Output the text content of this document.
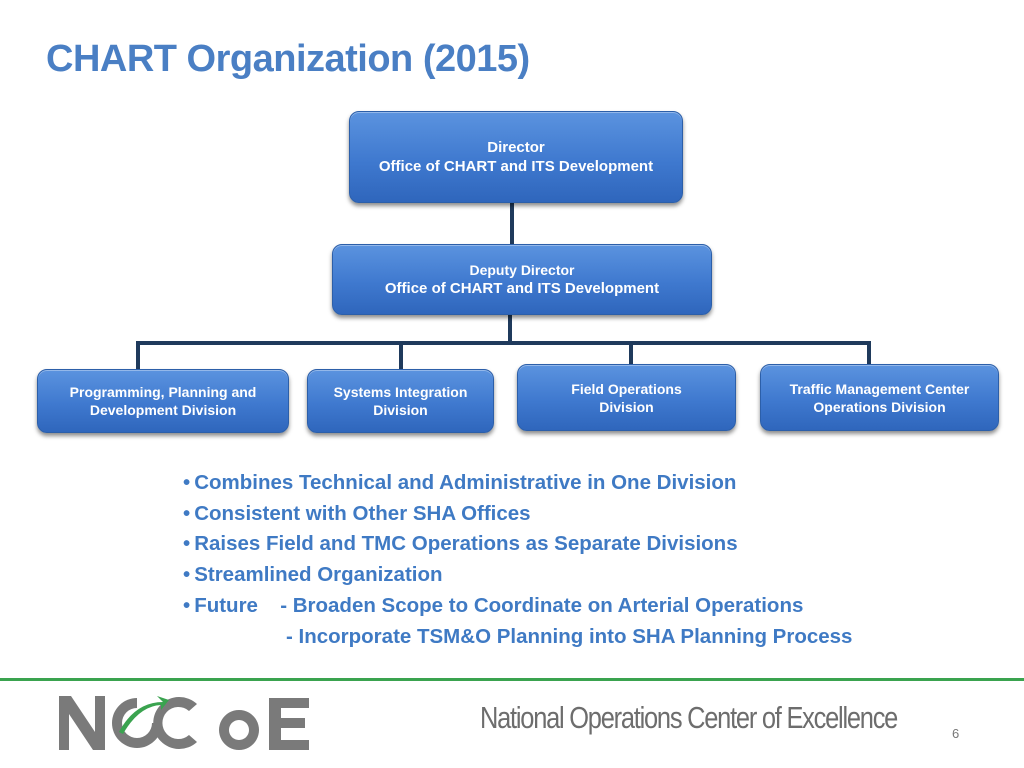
CHART Organization (2015)
Director
Office of CHART and ITS Development
Deputy Director
Office of CHART and ITS Development
Programming, Planning and
Development Division
Systems Integration
Division
Field Operations
Division
Traffic Management Center
Operations Division
• Combines Technical and Administrative in One Division
• Consistent with Other SHA Offices
• Raises Field and TMC Operations as Separate Divisions
• Streamlined Organization
• Future - Broaden Scope to Coordinate on Arterial Operations
- Incorporate TSM&O Planning into SHA Planning Process
National Operations Center of Excellence	6
